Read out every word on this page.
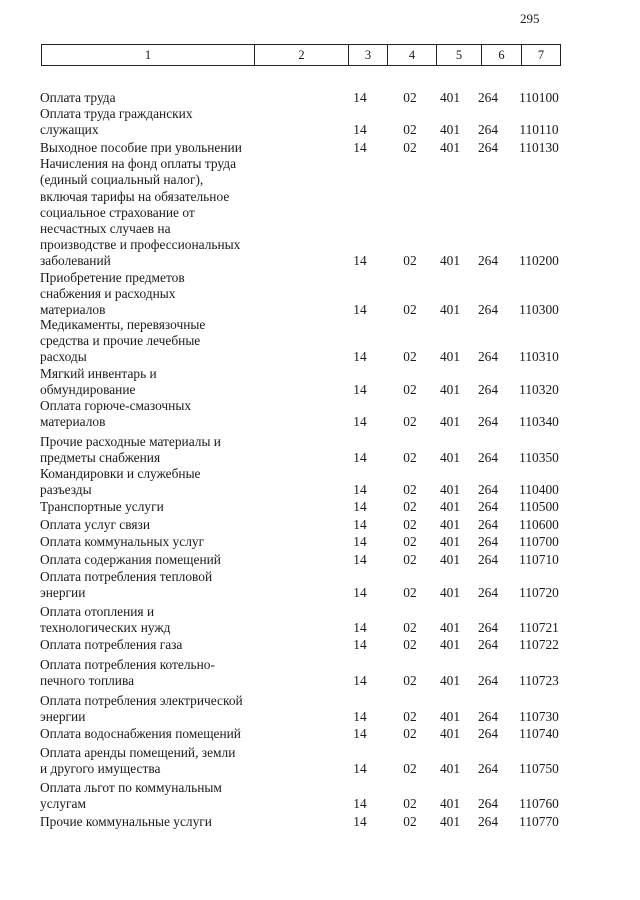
295
1	2	3	4	5	6	7
Оплата труда	14	02	401	264	110100
Оплата труда гражданских
служащих	14	02	401	264	110110
Выходное пособие при увольнении	14	02	401	264	110130
Начисления на фонд оплаты труда
(единый социальный налог),
включая тарифы на обязательное
социальное страхование от
несчастных случаев на
производстве и профессиональных
заболеваний	14	02	401	264	110200
Приобретение предметов
снабжения и расходных
материалов	14	02	401	264	110300
Медикаменты, перевязочные
средства и прочие лечебные
расходы	14	02	401	264	110310
Мягкий инвентарь и
обмундирование	14	02	401	264	110320
Оплата горюче-смазочных
материалов	14	02	401	264	110340
Прочие расходные материалы и
предметы снабжения	14	02	401	264	110350
Командировки и служебные
разъезды	14	02	401	264	110400
Транспортные услуги	14	02	401	264	110500
Оплата услуг связи	14	02	401	264	110600
Оплата коммунальных услуг	14	02	401	264	110700
Оплата содержания помещений	14	02	401	264	110710
Оплата потребления тепловой
энергии	14	02	401	264	110720
Оплата отопления и
технологических нужд	14	02	401	264	110721
Оплата потребления газа	14	02	401	264	110722
Оплата потребления котельно-
печного топлива	14	02	401	264	110723
Оплата потребления электрической
энергии	14	02	401	264	110730
Оплата водоснабжения помещений	14	02	401	264	110740
Оплата аренды помещений, земли
и другого имущества	14	02	401	264	110750
Оплата льгот по коммунальным
услугам	14	02	401	264	110760
Прочие коммунальные услуги	14	02	401	264	110770
